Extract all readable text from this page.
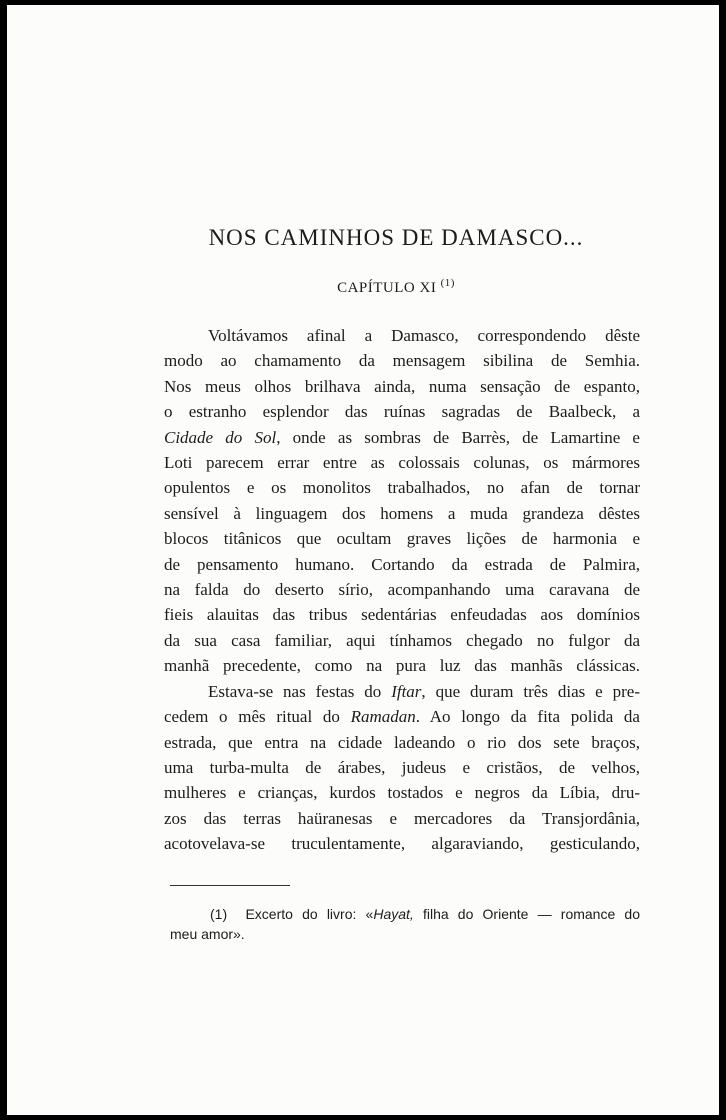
NOS CAMINHOS DE DAMASCO...
CAPÍTULO XI $^{(1)}$
Voltávamos afinal a Damasco, correspondendo dêste
modo ao chamamento da mensagem sibilina de Semhia.
Nos meus olhos brilhava ainda, numa sensação de espanto,
o estranho esplendor das ruínas sagradas de Baalbeck, a
Cidade do Sol, onde as sombras de Barrès, de Lamartine e
Loti parecem errar entre as colossais colunas, os mármores
opulentos e os monolitos trabalhados, no afan de tornar
sensível à linguagem dos homens a muda grandeza dêstes
blocos titânicos que ocultam graves lições de harmonia e
de pensamento humano. Cortando da estrada de Palmira,
na falda do deserto sírio, acompanhando uma caravana de
fieis alauitas das tribus sedentárias enfeudadas aos domínios
da sua casa familiar, aqui tínhamos chegado no fulgor da
manhã precedente, como na pura luz das manhãs clássicas.
Estava-se nas festas do Iftar, que duram três dias e pre-
cedem o mês ritual do Ramadan. Ao longo da fita polida da
estrada, que entra na cidade ladeando o rio dos sete braços,
uma turba-multa de árabes, judeus e cristãos, de velhos,
mulheres e crianças, kurdos tostados e negros da Líbia, dru-
zos das terras haüranesas e mercadores da Transjordânia,
acotovelava-se truculentamente, algaraviando, gesticulando,
(1) Excerto do livro: «Hayat, filha do Oriente — romance do
meu amor».
